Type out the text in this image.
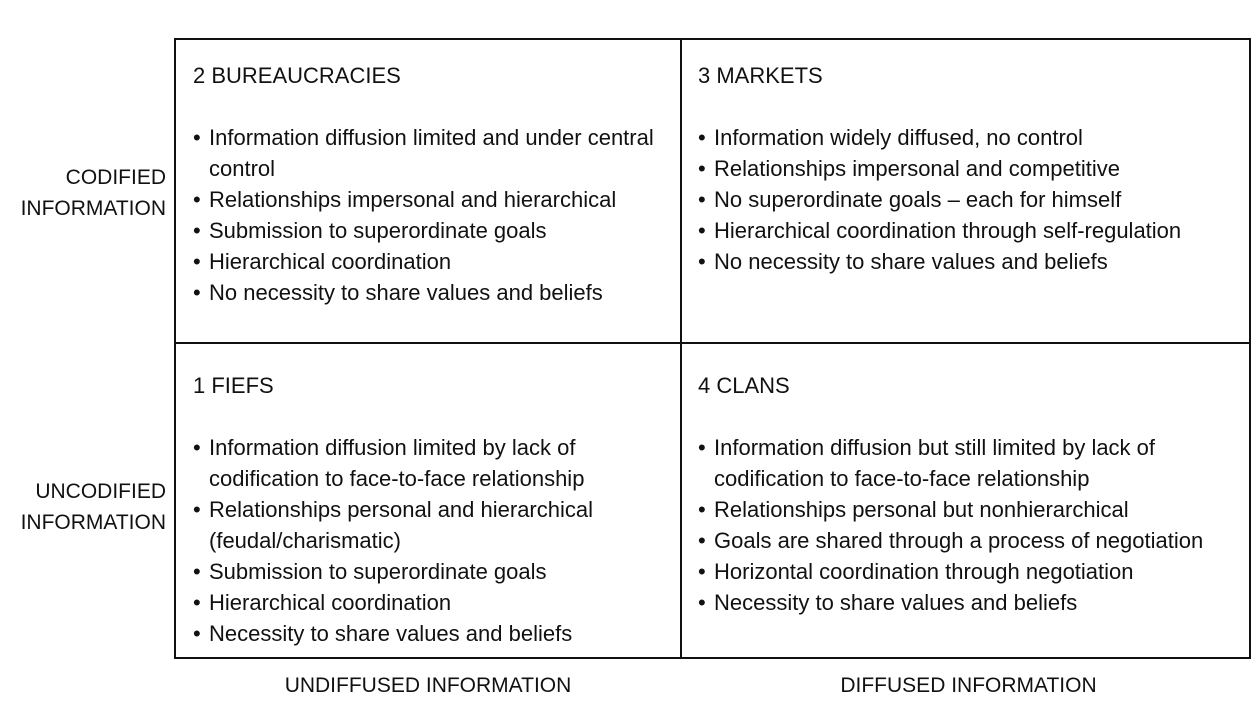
CODIFIED
INFORMATION
UNCODIFIED
INFORMATION
2 BUREAUCRACIES
• Information diffusion limited and under central control
• Relationships impersonal and hierarchical
• Submission to superordinate goals
• Hierarchical coordination
• No necessity to share values and beliefs
3 MARKETS
• Information widely diffused, no control
• Relationships impersonal and competitive
• No superordinate goals – each for himself
• Hierarchical coordination through self-regulation
• No necessity to share values and beliefs
1 FIEFS
• Information diffusion limited by lack of codification to face-to-face relationship
• Relationships personal and hierarchical (feudal/charismatic)
• Submission to superordinate goals
• Hierarchical coordination
• Necessity to share values and beliefs
4 CLANS
• Information diffusion but still limited by lack of codification to face-to-face relationship
• Relationships personal but nonhierarchical
• Goals are shared through a process of negotiation
• Horizontal coordination through negotiation
• Necessity to share values and beliefs
UNDIFFUSED INFORMATION	DIFFUSED INFORMATION
